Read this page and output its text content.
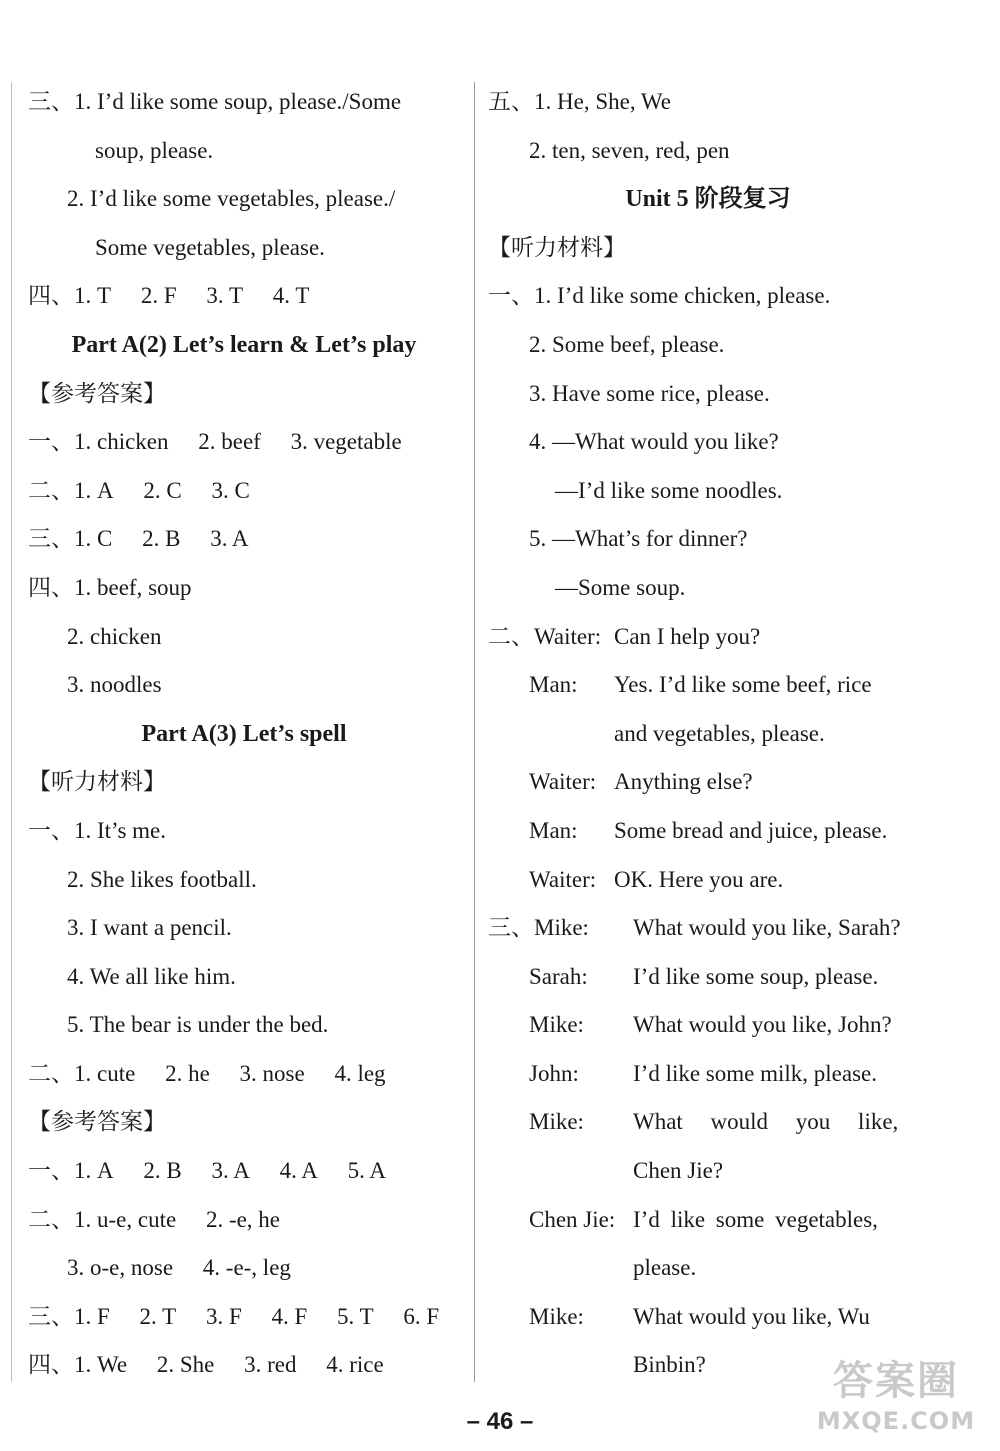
三、1. I’d like some soup, please./Some
soup, please.
2. I’d like some vegetables, please./
Some vegetables, please.
四、1. T 2. F 3. T 4. T
Part A(2) Let’s learn & Let’s play
【参考答案】
一、1. chicken 2. beef 3. vegetable
二、1. A 2. C 3. C
三、1. C 2. B 3. A
四、1. beef, soup
2. chicken
3. noodles
Part A(3) Let’s spell
【听力材料】
一、1. It’s me.
2. She likes football.
3. I want a pencil.
4. We all like him.
5. The bear is under the bed.
二、1. cute 2. he 3. nose 4. leg
【参考答案】
一、1. A 2. B 3. A 4. A 5. A
二、1. u-e, cute 2. -e, he
3. o-e, nose 4. -e-, leg
三、1. F 2. T 3. F 4. F 5. T 6. F
四、1. We 2. She 3. red 4. rice
五、1. He, She, We
2. ten, seven, red, pen
Unit 5 阶段复习
【听力材料】
一、1. I’d like some chicken, please.
2. Some beef, please.
3. Have some rice, please.
4. —What would you like?
—I’d like some noodles.
5. —What’s for dinner?
—Some soup.
二、Waiter: Can I help you?
Man:	Yes. I’d like some beef, rice
and vegetables, please.
Waiter: Anything else?
Man:	Some bread and juice, please.
Waiter: OK. Here you are.
三、Mike:	What would you like, Sarah?
Sarah:	I’d like some soup, please.
Mike:	What would you like, John?
John:	I’d like some milk, please.
Mike:	What would you like,
Chen Jie?
Chen Jie: I’d like some vegetables,
please.
Mike:	What would you like, Wu
Binbin?
– 46 –
答案圈
MXQE.COM
